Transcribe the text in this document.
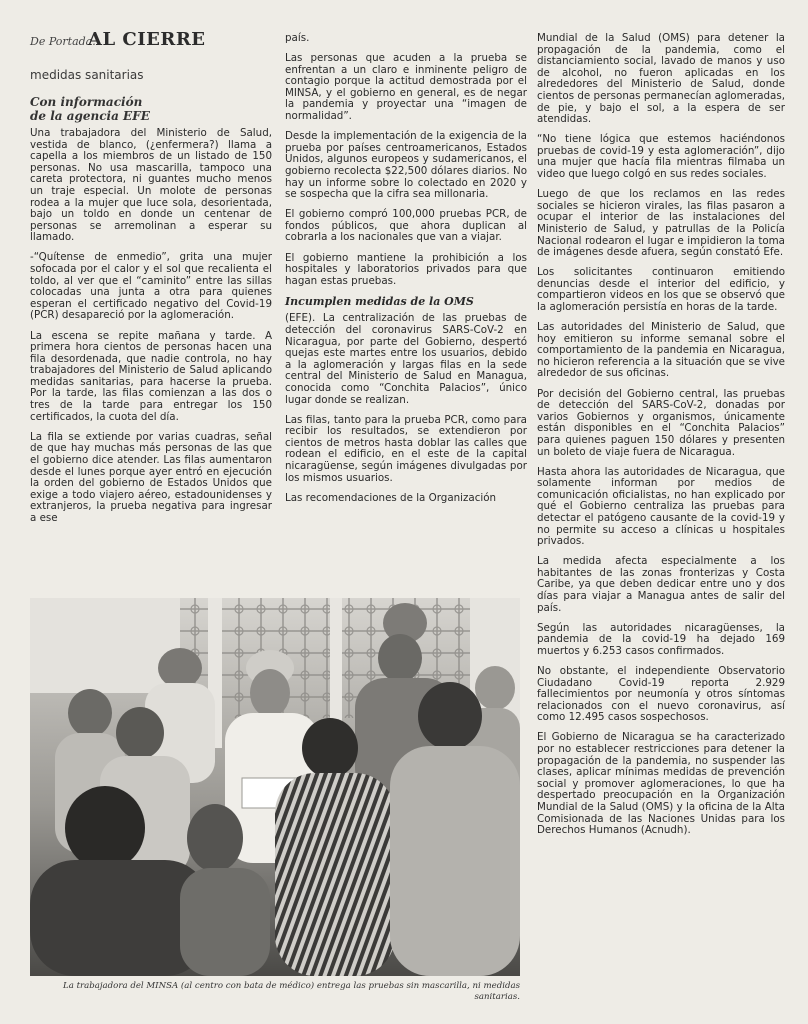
De Portada.
AL CIERRE
medidas sanitarias
Con información
de la agencia EFE

Una trabajadora del Ministerio de Salud, vestida de blanco, (¿enfermera?) llama a capella a los miembros de un listado de 150 personas. No usa mascarilla, tampoco una careta protectora, ni guantes mucho menos un traje especial. Un molote de personas rodea a la mujer que luce sola, desorientada, bajo un toldo en donde un centenar de personas se arremolinan a esperar su llamado.

-“Quítense de enmedio”, grita una mujer sofocada por el calor y el sol que recalienta el toldo, al ver que el “caminito” entre las sillas colocadas una junta a otra para quienes esperan el certificado negativo del Covid-19 (PCR) desapareció por la aglomeración.

La escena se repite mañana y tarde. A primera hora cientos de personas hacen una fila desordenada, que nadie controla, no hay trabajadores del Ministerio de Salud aplicando medidas sanitarias, para hacerse la prueba. Por la tarde, las filas comienzan a las dos o tres de la tarde para entregar los 150 certificados, la cuota del día.

La fila se extiende por varias cuadras, señal de que hay muchas más personas de las que el gobierno dice atender. Las filas aumentaron desde el lunes porque ayer entró en ejecución la orden del gobierno de Estados Unidos que exige a todo viajero aéreo, estadounidenses y extranjeros, la prueba negativa para ingresar a ese

país.

Las personas que acuden a la prueba se enfrentan a un claro e inminente peligro de contagio porque la actitud demostrada por el MINSA, y el gobierno en general, es de negar la pandemia y proyectar una “imagen de normalidad”.

Desde la implementación de la exigencia de la prueba por países centroamericanos, Estados Unidos, algunos europeos y sudamericanos, el gobierno recolecta $22,500 dólares diarios. No hay un informe sobre lo colectado en 2020 y se sospecha que la cifra sea millonaria.

El gobierno compró 100,000 pruebas PCR, de fondos públicos, que ahora duplican al cobrarla a los nacionales que van a viajar.

El gobierno mantiene la prohibición a los hospitales y laboratorios privados para que hagan estas pruebas.

Incumplen medidas de la OMS

(EFE). La centralización de las pruebas de detección del coronavirus SARS-CoV-2 en Nicaragua, por parte del Gobierno, despertó quejas este martes entre los usuarios, debido a la aglomeración y largas filas en la sede central del Ministerio de Salud en Managua, conocida como “Conchita Palacios”, único lugar donde se realizan.

Las filas, tanto para la prueba PCR, como para recibir los resultados, se extendieron por cientos de metros hasta doblar las calles que rodean el edificio, en el este de la capital nicaragüense, según imágenes divulgadas por los mismos usuarios.

Las recomendaciones de la Organización

Mundial de la Salud (OMS) para detener la propagación de la pandemia, como el distanciamiento social, lavado de manos y uso de alcohol, no fueron aplicadas en los alrededores del Ministerio de Salud, donde cientos de personas permanecían aglomeradas, de pie, y bajo el sol, a la espera de ser atendidas.

“No tiene lógica que estemos haciéndonos pruebas de covid-19 y esta aglomeración”, dijo una mujer que hacía fila mientras filmaba un video que luego colgó en sus redes sociales.

Luego de que los reclamos en las redes sociales se hicieron virales, las filas pasaron a ocupar el interior de las instalaciones del Ministerio de Salud, y patrullas de la Policía Nacional rodearon el lugar e impidieron la toma de imágenes desde afuera, según constató Efe.

Los solicitantes continuaron emitiendo denuncias desde el interior del edificio, y compartieron videos en los que se observó que la aglomeración persistía en horas de la tarde.

Las autoridades del Ministerio de Salud, que hoy emitieron su informe semanal sobre el comportamiento de la pandemia en Nicaragua, no hicieron referencia a la situación que se vive alrededor de sus oficinas.

Por decisión del Gobierno central, las pruebas de detección del SARS-CoV-2, donadas por varios Gobiernos y organismos, únicamente están disponibles en el “Conchita Palacios” para quienes paguen 150 dólares y presenten un boleto de viaje fuera de Nicaragua.

Hasta ahora las autoridades de Nicaragua, que solamente informan por medios de comunicación oficialistas, no han explicado por qué el Gobierno centraliza las pruebas para detectar el patógeno causante de la covid-19 y no permite su acceso a clínicas u hospitales privados.

La medida afecta especialmente a los habitantes de las zonas fronterizas y Costa Caribe, ya que deben dedicar entre uno y dos días para viajar a Managua antes de salir del país.

Según las autoridades nicaragüenses, la pandemia de la covid-19 ha dejado 169 muertos y 6.253 casos confirmados.

No obstante, el independiente Observatorio Ciudadano Covid-19 reporta 2.929 fallecimientos por neumonía y otros síntomas relacionados con el nuevo coronavirus, así como 12.495 casos sospechosos.

El Gobierno de Nicaragua se ha caracterizado por no establecer restricciones para detener la propagación de la pandemia, no suspender las clases, aplicar mínimas medidas de prevención social y promover aglomeraciones, lo que ha despertado preocupación en la Organización Mundial de la Salud (OMS) y la oficina de la Alta Comisionada de las Naciones Unidas para los Derechos Humanos (Acnudh).

La trabajadora del MINSA (al centro con bata de médico) entrega las pruebas sin mascarilla, ni medidas sanitarias.
